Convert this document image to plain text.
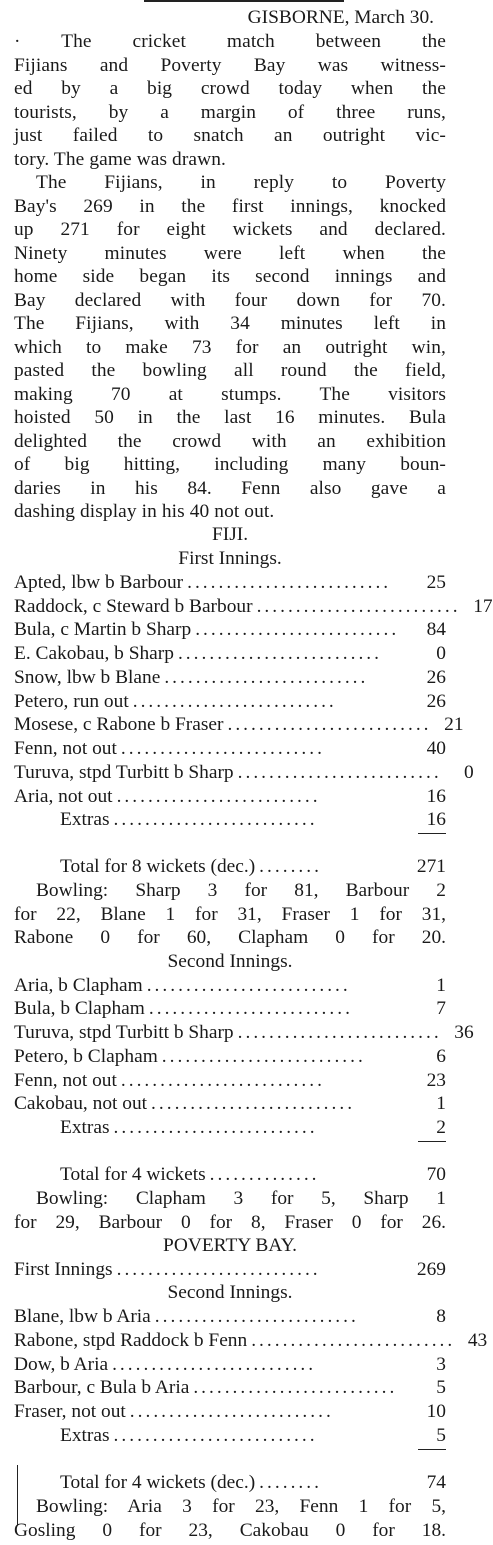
GISBORNE, March 30.
· The cricket match between the
Fijians and Poverty Bay was witness-
ed by a big crowd today when the
tourists, by a margin of three runs,
just failed to snatch an outright vic-
tory. The game was drawn.
The Fijians, in reply to Poverty
Bay's 269 in the first innings, knocked
up 271 for eight wickets and declared.
Ninety minutes were left when the
home side began its second innings and
Bay declared with four down for 70.
The Fijians, with 34 minutes left in
which to make 73 for an outright win,
pasted the bowling all round the field,
making 70 at stumps. The visitors
hoisted 50 in the last 16 minutes. Bula
delighted the crowd with an exhibition
of big hitting, including many boun-
daries in his 84. Fenn also gave a
dashing display in his 40 not out.
FIJI.
First Innings.
Apted, lbw b Barbour ..........................	25
Raddock, c Steward b Barbour .......................... 17
Bula, c Martin b Sharp ..........................	84
E. Cakobau, b Sharp ..........................	0
Snow, lbw b Blane ..........................	26
Petero, run out ..........................	26
Mosese, c Rabone b Fraser .......................... 21
Fenn, not out ..........................	40
Turuva, stpd Turbitt b Sharp ..........................	0
Aria, not out ..........................	16
Extras ..........................	16
Total for 8 wickets (dec.) ........	271
Bowling: Sharp 3 for 81, Barbour 2
for 22, Blane 1 for 31, Fraser 1 for 31,
Rabone 0 for 60, Clapham 0 for 20.
Second Innings.
Aria, b Clapham ..........................	1
Bula, b Clapham ..........................	7
Turuva, stpd Turbitt b Sharp .......................... 36
Petero, b Clapham ..........................	6
Fenn, not out ..........................	23
Cakobau, not out ..........................	1
Extras ..........................	2
Total for 4 wickets ..............	70
Bowling: Clapham 3 for 5, Sharp 1
for 29, Barbour 0 for 8, Fraser 0 for 26.
POVERTY BAY.
First Innings ..........................	269
Second Innings.
Blane, lbw b Aria ..........................	8
Rabone, stpd Raddock b Fenn .......................... 43
Dow, b Aria ..........................	3
Barbour, c Bula b Aria ..........................	5
Fraser, not out ..........................	10
Extras ..........................	5
Total for 4 wickets (dec.) ........	74
Bowling: Aria 3 for 23, Fenn 1 for 5,
Gosling 0 for 23, Cakobau 0 for 18.
